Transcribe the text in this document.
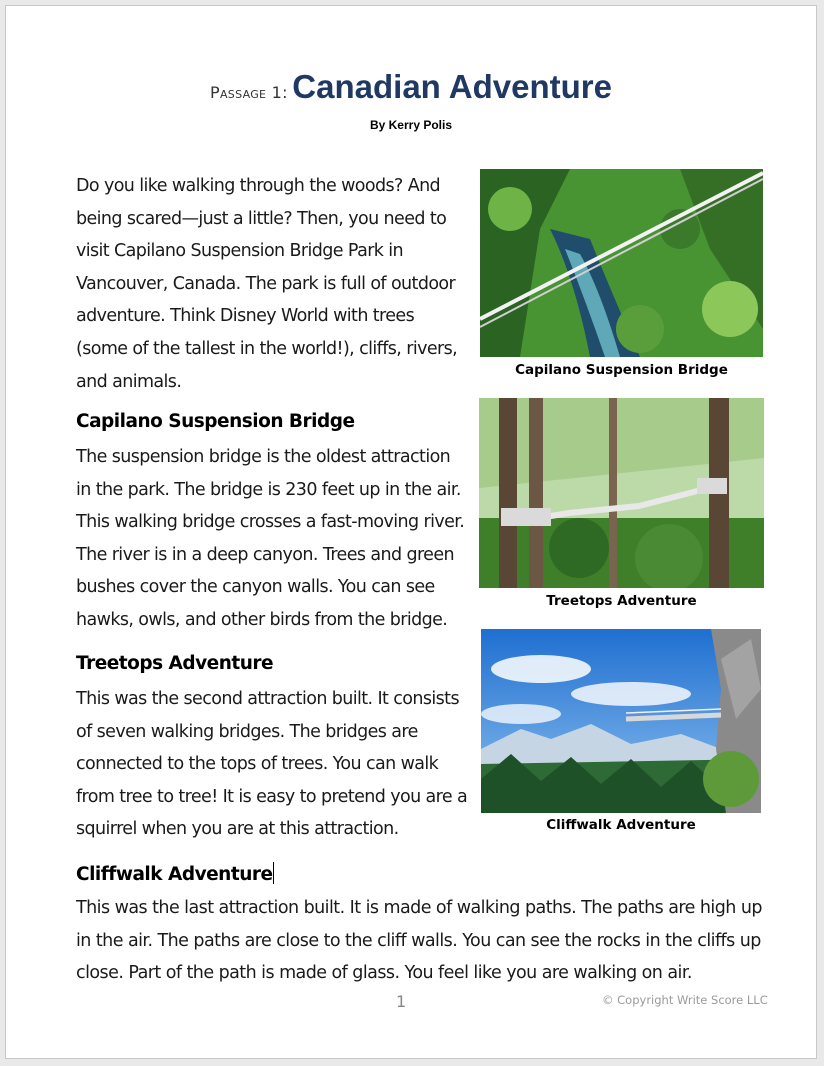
Passage 1: Canadian Adventure
By Kerry Polis

Do you like walking through the woods? And being scared—just a little? Then, you need to visit Capilano Suspension Bridge Park in Vancouver, Canada. The park is full of outdoor adventure. Think Disney World with trees (some of the tallest in the world!), cliffs, rivers, and animals.

Capilano Suspension Bridge

The suspension bridge is the oldest attraction in the park. The bridge is 230 feet up in the air. This walking bridge crosses a fast-moving river. The river is in a deep canyon. Trees and green bushes cover the canyon walls. You can see hawks, owls, and other birds from the bridge.

Treetops Adventure

This was the second attraction built. It consists of seven walking bridges. The bridges are connected to the tops of trees. You can walk from tree to tree! It is easy to pretend you are a squirrel when you are at this attraction.

Cliffwalk Adventure

This was the last attraction built. It is made of walking paths. The paths are high up in the air. The paths are close to the cliff walls. You can see the rocks in the cliffs up close. Part of the path is made of glass. You feel like you are walking on air.

Capilano Suspension Bridge
Treetops Adventure
Cliffwalk Adventure
1	© Copyright Write Score LLC
